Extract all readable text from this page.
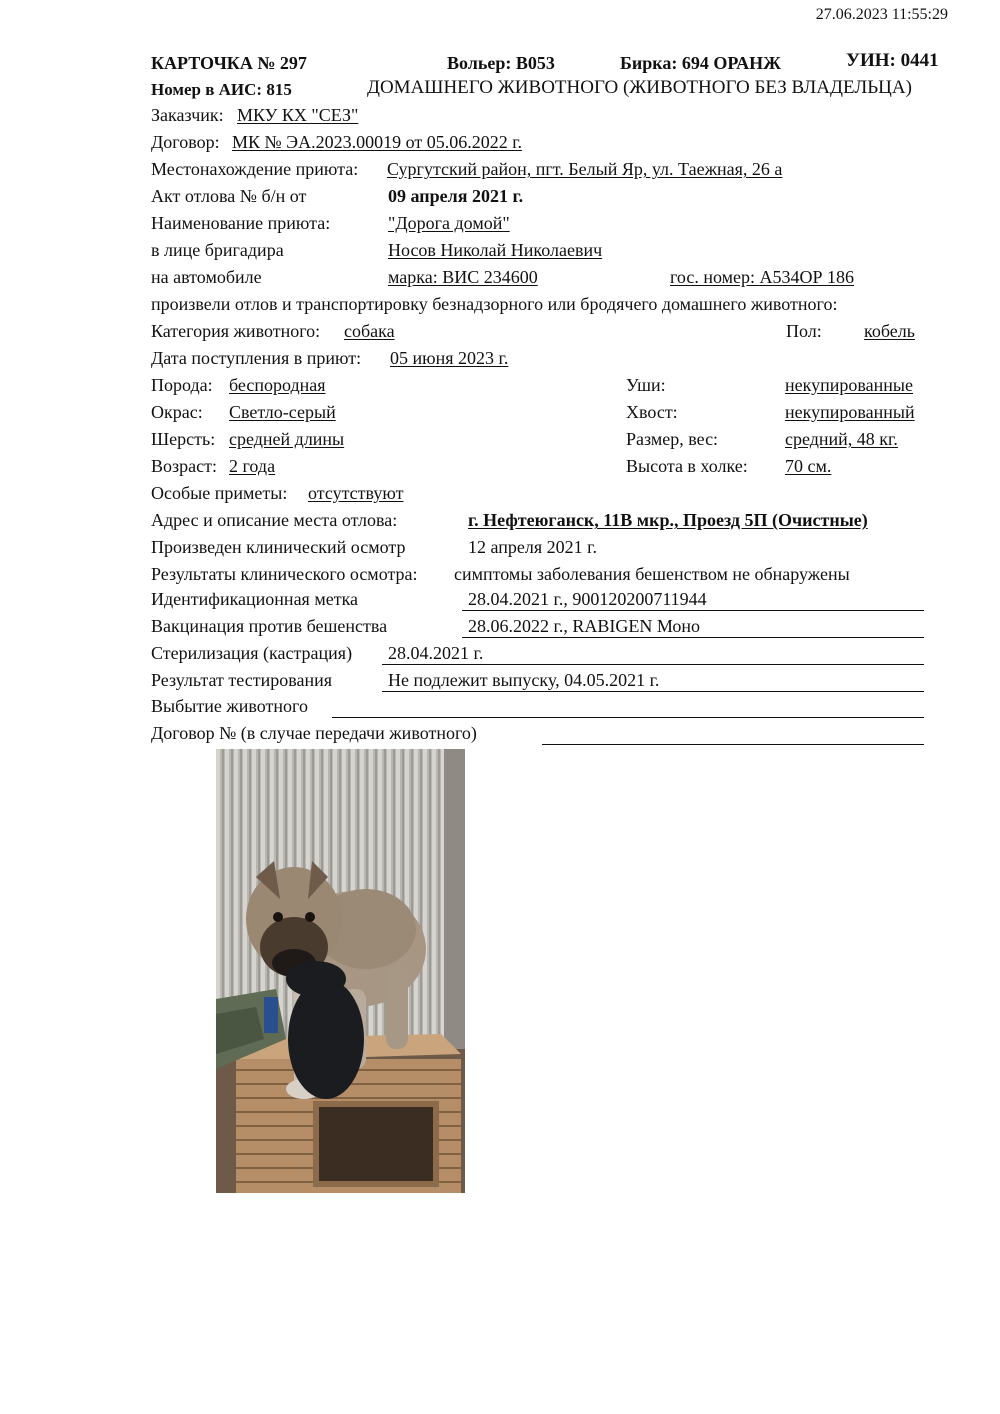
27.06.2023 11:55:29
КАРТОЧКА № 297	Вольер: В053	Бирка: 694 ОРАНЖ	УИН: 0441
Номер в АИС: 815	ДОМАШНЕГО ЖИВОТНОГО (ЖИВОТНОГО БЕЗ ВЛАДЕЛЬЦА)
Заказчик: МКУ КХ "СЕЗ"
Договор: МК № ЭА.2023.00019 от 05.06.2022 г.
Местонахождение приюта: Сургутский район, пгт. Белый Яр, ул. Таежная, 26 а
Акт отлова № б/н от	09 апреля 2021 г.
Наименование приюта:	"Дорога домой"
в лице бригадира	Носов Николай Николаевич
на автомобиле	марка: ВИС 234600	гос. номер: А534ОР 186
произвели отлов и транспортировку безнадзорного или бродячего домашнего животного:
Категория животного: собака	Пол: кобель
Дата поступления в приют: 05 июня 2023 г.
Порода: беспородная	Уши:	некупированные
Окрас: Светло-серый	Хвост:	некупированный
Шерсть: средней длины	Размер, вес:	средний, 48 кг.
Возраст: 2 года	Высота в холке: 70 см.
Особые приметы: отсутствуют
Адрес и описание места отлова:	г. Нефтеюганск, 11В мкр., Проезд 5П (Очистные)
Произведен клинический осмотр	12 апреля 2021 г.
Результаты клинического осмотра: симптомы заболевания бешенством не обнаружены
Идентификационная метка	28.04.2021 г., 900120200711944
Вакцинация против бешенства	28.06.2022 г., RABIGEN Моно
Стерилизация (кастрация) 28.04.2021 г.
Результат тестирования	Не подлежит выпуску, 04.05.2021 г.
Выбытие животного
Договор № (в случае передачи животного)
